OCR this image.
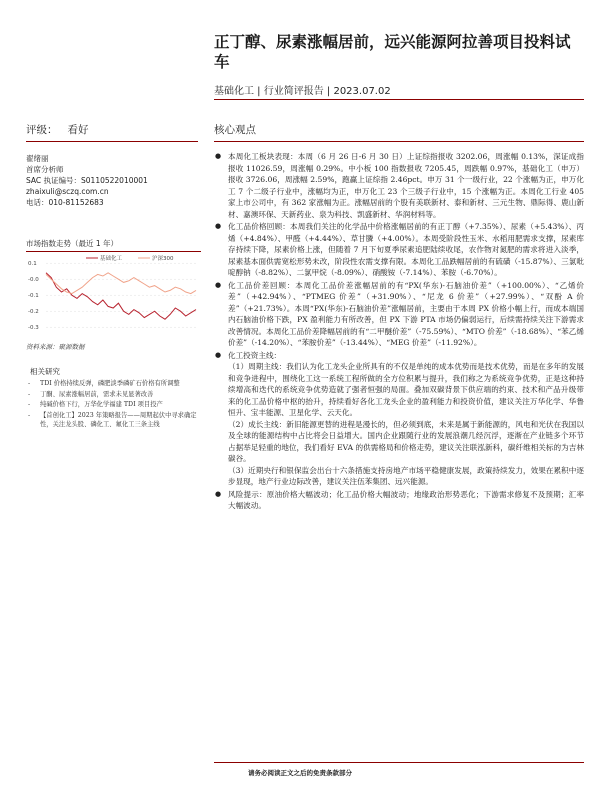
正丁醇、尿素涨幅居前，远兴能源阿拉善项目投料试车
基础化工 | 行业简评报告 | 2023.07.02
评级： 看好	核心观点
翟绪丽
首席分析师
SAC 执证编号：S0110522010001
zhaixuli@sczq.com.cn
电话：010-81152683
市场指数走势（最近 1 年）
0.1
-0.0
-0.1
-0.2
-0.3
基础化工	沪深300
资料来源：聚源数据
相关研究
- TDI 价格持续反弹，磷肥淡季磷矿石价格有所调整
- 丁酮、尿素涨幅居前，需求未见显著改善
- 纯碱价格下行，万华化学福建 TDI 项目投产
- 【首创化工】2023 年策略报告——周期起伏中寻求确定性，关注龙头股、磷化工、氟化工三条主线
● 本周化工板块表现：本周（6 月 26 日-6 月 30 日）上证综指报收 3202.06，周涨幅 0.13%，深证成指报收 11026.59，周涨幅 0.29%。中小板 100 指数报收 7205.45，周跌幅 0.97%，基础化工（申万）报收 3726.06，周涨幅 2.59%，跑赢上证综指 2.46pct。申万 31 个一级行业，22 个涨幅为正，申万化工 7 个二级子行业中，涨幅均为正，申万化工 23 个三级子行业中，15 个涨幅为正。本周化工行业 405 家上市公司中，有 362 家涨幅为正。涨幅居前的个股有美联新材、泰和新材、三元生物、鼎际得、鹿山新材、嘉澳环保、天新药业、泉为科技、凯盛新材、华润材料等。
● 化工品价格回顾：本周我们关注的化学品中价格涨幅居前的有正丁醇（+7.35%）、尿素（+5.43%）、丙烯（+4.84%）、甲醛（+4.44%）、草甘膦（+4.00%）。本周受阶段性玉米、水稻用肥需求支撑，尿素库存持续下降，尿素价格上涨，但随着 7 月下旬夏季尿素追肥陆续收尾，农作物对氮肥的需求将进入淡季，尿素基本面供需宽松形势未改，阶段性农需支撑有限。本周化工品跌幅居前的有硫磺（-15.87%）、三氯吡啶醇钠（-8.82%）、二氯甲烷（-8.09%）、硝酸铵（-7.14%）、苯胺（-6.70%）。
● 化工品价差回顾：本周化工品价差涨幅居前的有“PX(华东)-石脑油价差”（+100.00%）、“乙烯价差”（+42.94%）、“PTMEG 价差”（+31.90%）、“尼龙 6 价差”（+27.99%）、“双酚 A 价差”（+21.73%）。本周“PX(华东)-石脑油价差”涨幅居前，主要由于本周 PX 价格小幅上行，而成本端国内石脑油价格下跌，PX 盈利能力有所改善，但 PX 下游 PTA 市场仍偏弱运行，后续需持续关注下游需求改善情况。本周化工品价差降幅居前的有“二甲醚价差”（-75.59%）、“MTO 价差”（-18.68%）、“苯乙烯价差”（-14.20%）、“苯胺价差”（-13.44%）、“MEG 价差”（-11.92%）。
● 化工投资主线：
（1）周期主线：我们认为化工龙头企业所具有的不仅是单纯的成本优势而是技术优势，而是在多年的发展和竞争进程中，围绕化工这一系统工程所做的全方位积累与提升，我们称之为系统竞争优势，正是这种持续增高和迭代的系统竞争优势造就了强者恒强的局面。叠加双碳背景下供应端的约束、技术和产品升级带来的化工品价格中枢的抬升，持续看好各化工龙头企业的盈利能力和投资价值，建议关注万华化学、华鲁恒升、宝丰能源、卫星化学、云天化。
（2）成长主线：新旧能源更替的进程是漫长的，但必须到底，未来是属于新能源的，风电和光伏在我国以及全球的能源结构中占比将会日益增大。国内企业跟随行业的发展浪潮几经沉浮，逐渐在产业链多个环节占据举足轻重的地位，我们看好 EVA 的供需格局和价格走势，建议关注联泓新科，碳纤维相关标的为吉林碳谷。
（3）近期央行和银保监会出台十六条措施支持房地产市场平稳健康发展，政策持续发力，效果在累积中逐步显现，地产行业边际改善，建议关注伍苯集团、远兴能源。
● 风险提示：原油价格大幅波动；化工品价格大幅波动；地缘政治形势恶化；下游需求修复不及预期；汇率大幅波动。
请务必阅读正文之后的免责条款部分
